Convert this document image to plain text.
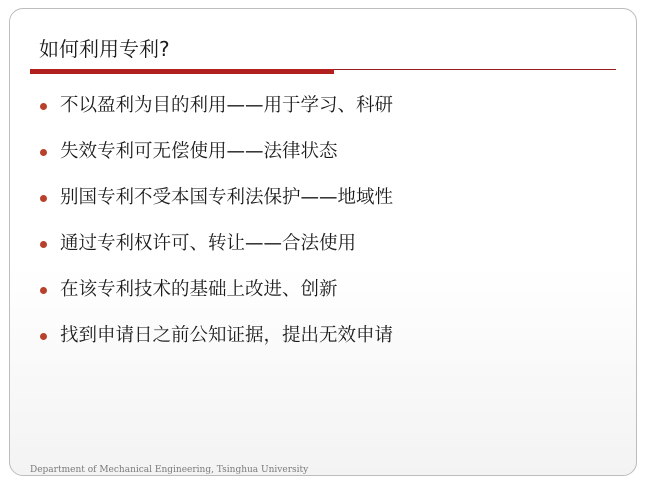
如何利用专利?
不以盈利为目的利用——用于学习、科研
失效专利可无偿使用——法律状态
别国专利不受本国专利法保护——地域性
通过专利权许可、转让——合法使用
在该专利技术的基础上改进、创新
找到申请日之前公知证据，提出无效申请
Department of Mechanical Engineering, Tsinghua University
